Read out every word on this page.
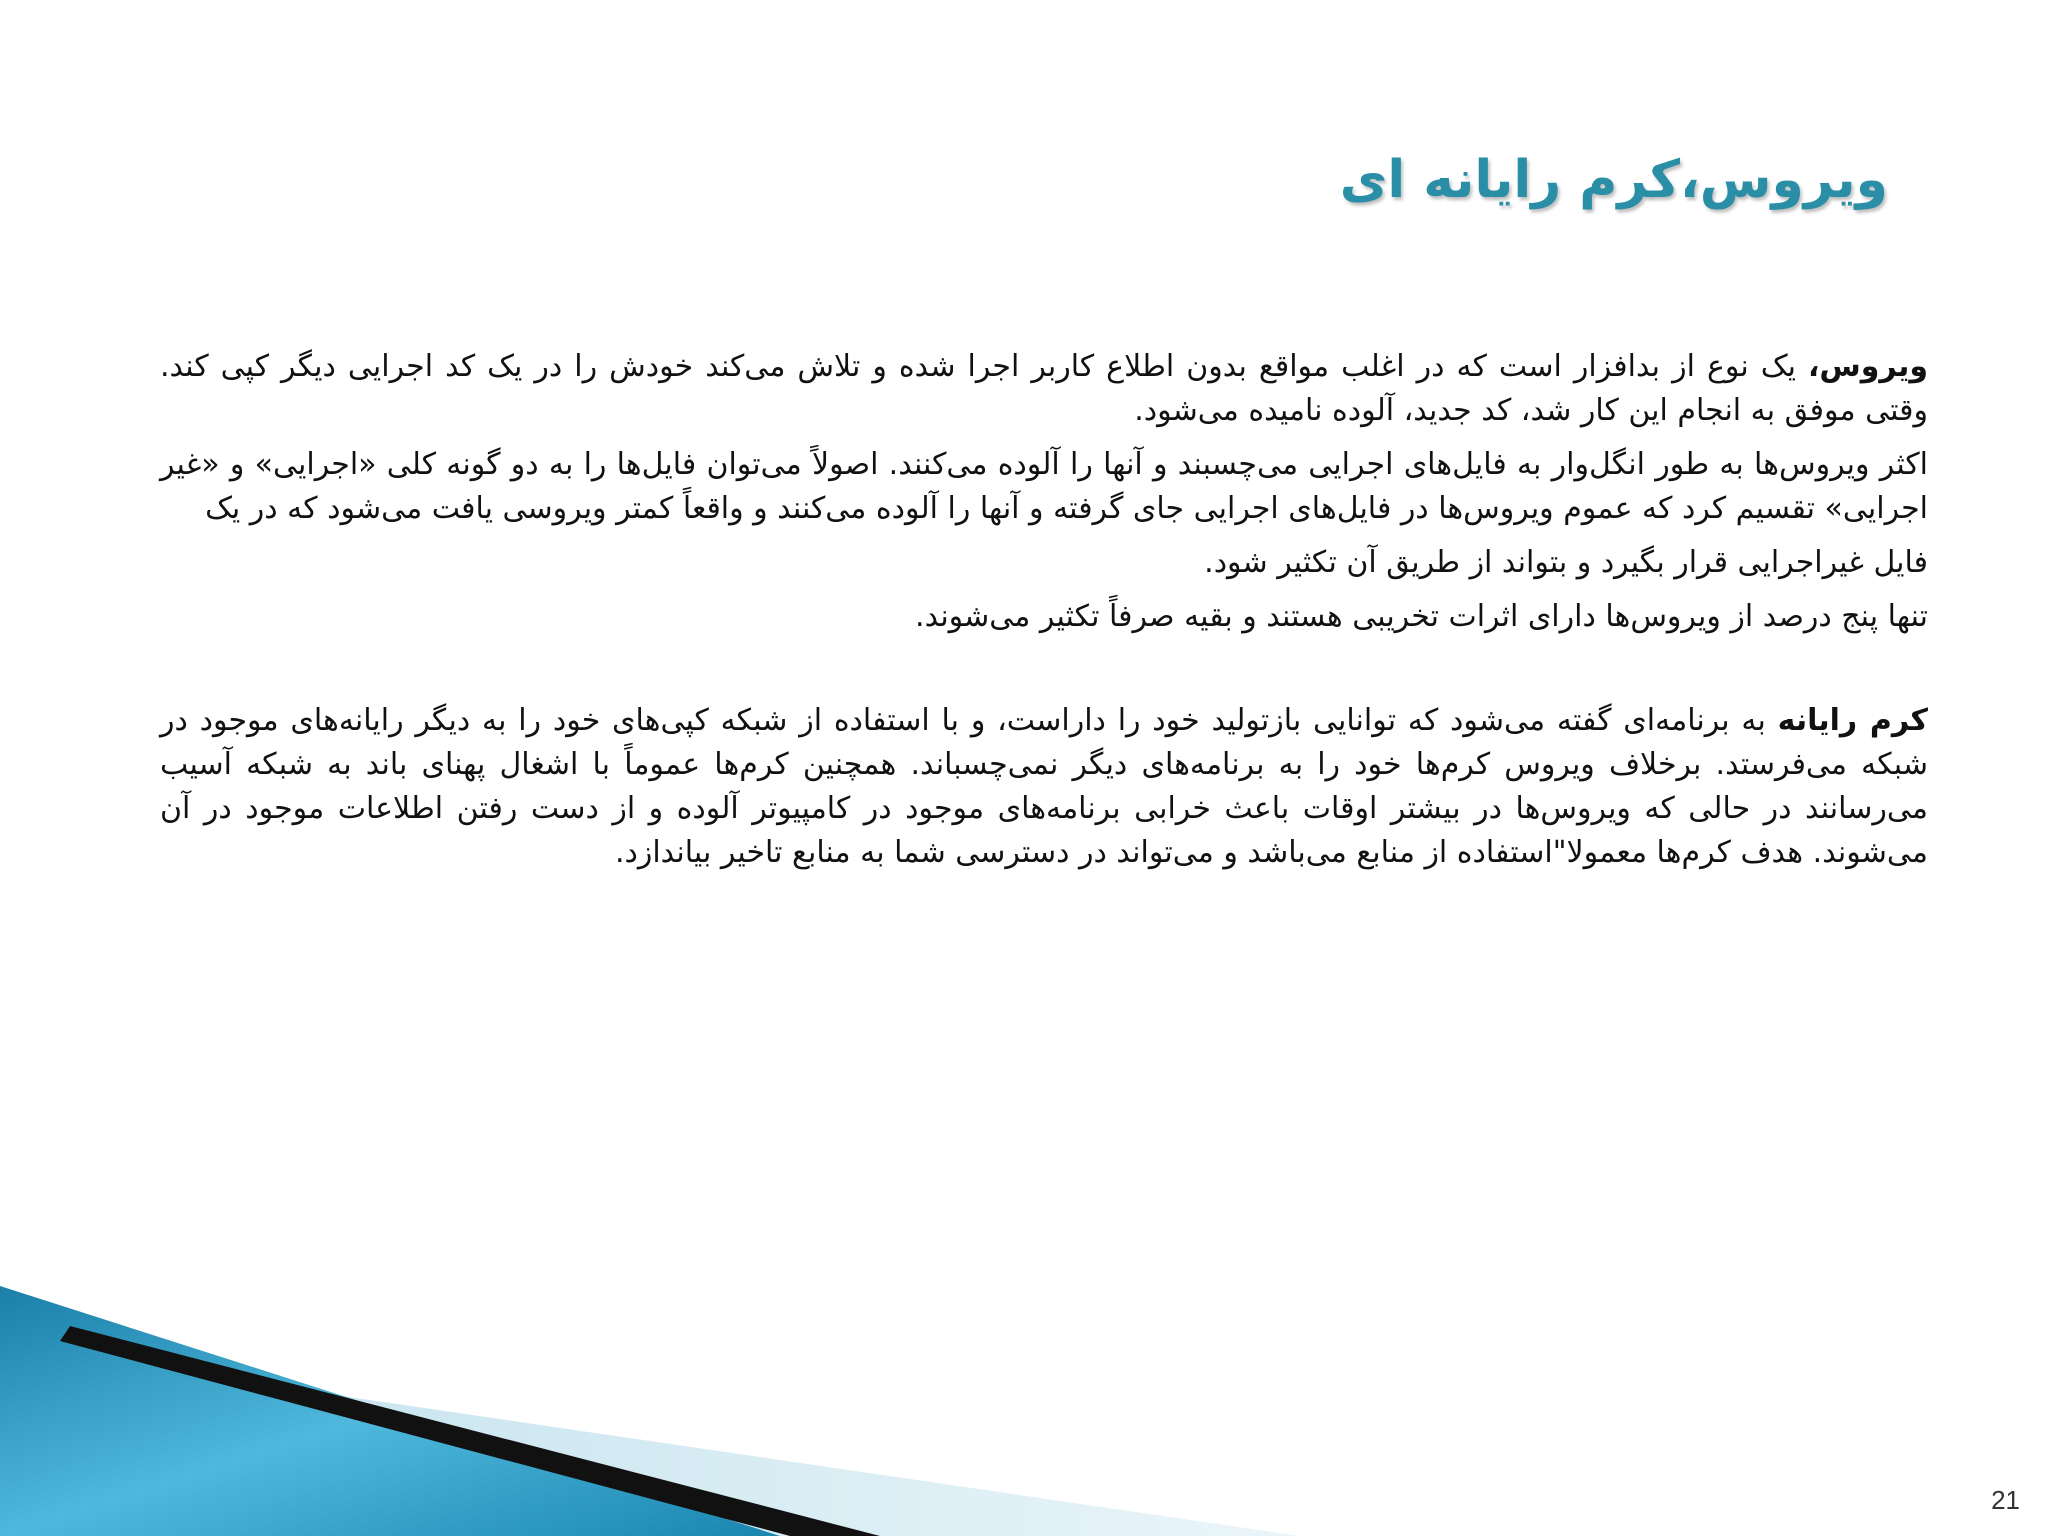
ویروس،کرم رایانه ای

ویروس، یک نوع از بدافزار است که در اغلب مواقع بدون اطلاع کاربر اجرا شده و تلاش می‌کند خودش را در یک کد اجرایی دیگر کپی کند. وقتی موفق به انجام این کار شد، کد جدید، آلوده نامیده می‌شود.

اکثر ویروس‌ها به طور انگل‌وار به فایل‌های اجرایی می‌چسبند و آنها را آلوده می‌کنند. اصولاً می‌توان فایل‌ها را به دو گونه کلی «اجرایی» و «غیر اجرایی» تقسیم کرد که عموم ویروس‌ها در فایل‌های اجرایی جای گرفته و آنها را آلوده می‌کنند و واقعاً کمتر ویروسی یافت می‌شود که در یک

فایل غیراجرایی قرار بگیرد و بتواند از طریق آن تکثیر شود.

تنها پنج درصد از ویروس‌ها دارای اثرات تخریبی هستند و بقیه صرفاً تکثیر می‌شوند.

کرم رایانه به برنامه‌ای گفته می‌شود که توانایی بازتولید خود را داراست، و با استفاده از شبکه کپی‌های خود را به دیگر رایانه‌های موجود در شبکه می‌فرستد. برخلاف ویروس کرم‌ها خود را به برنامه‌های دیگر نمی‌چسباند. همچنین کرم‌ها عموماً با اشغال پهنای باند به شبکه آسیب می‌رسانند در حالی که ویروس‌ها در بیشتر اوقات باعث خرابی برنامه‌های موجود در کامپیوتر آلوده و از دست رفتن اطلاعات موجود در آن می‌شوند. هدف کرم‌ها معمولا"استفاده از منابع می‌باشد و می‌تواند در دسترسی شما به منابع تاخیر بیاندازد.

21
